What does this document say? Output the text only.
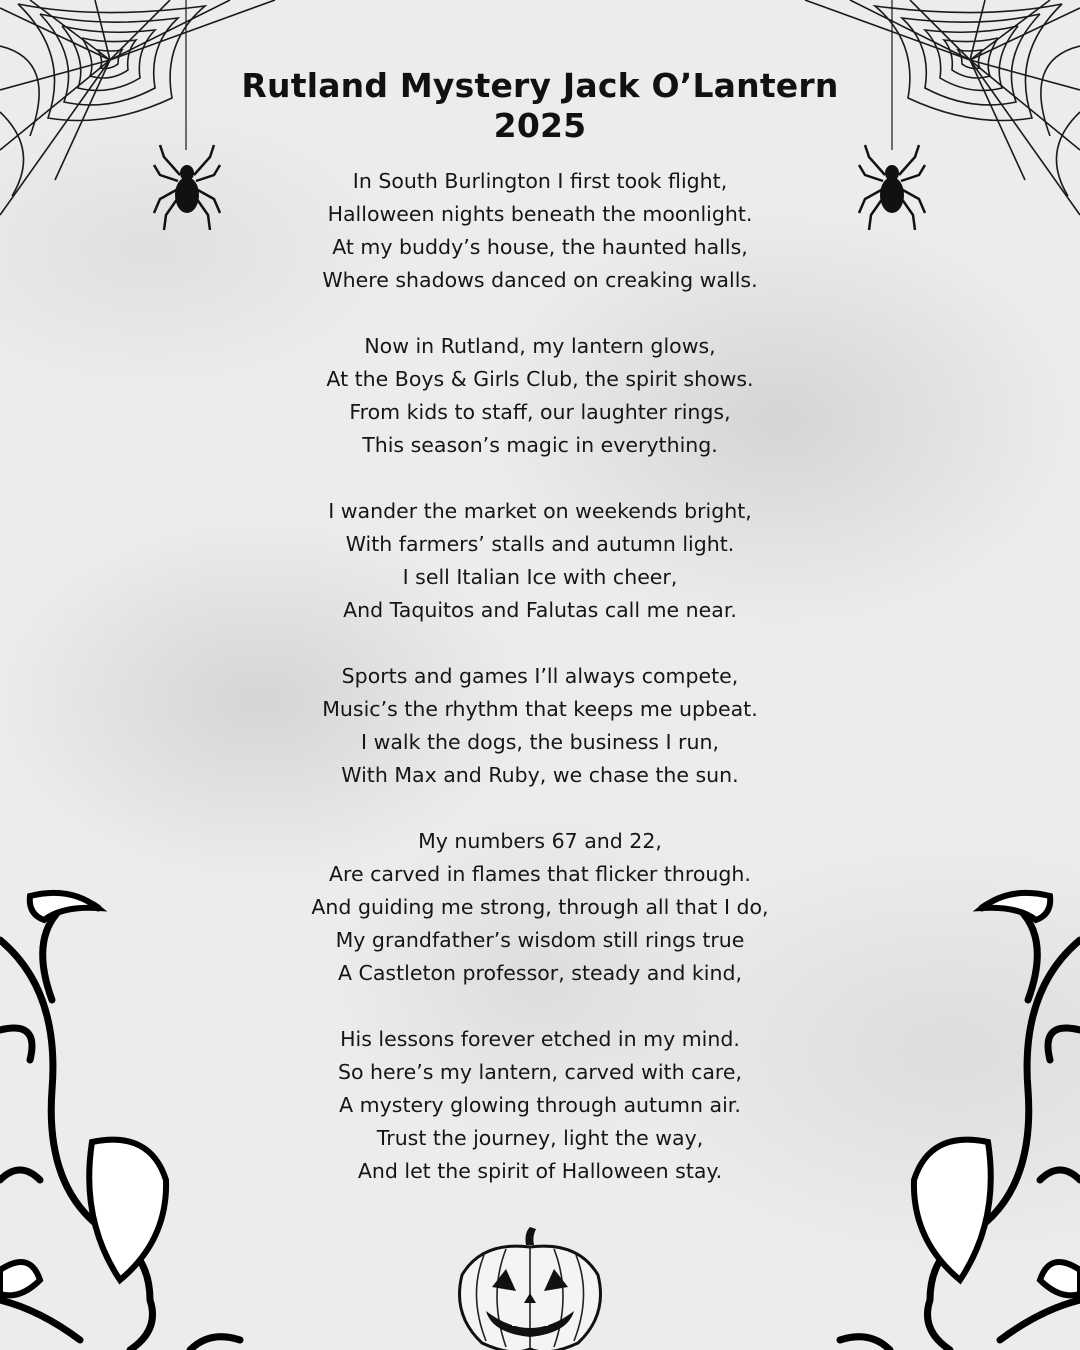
Rutland Mystery Jack O’Lantern
2025
In South Burlington I first took flight,
Halloween nights beneath the moonlight.
At my buddy’s house, the haunted halls,
Where shadows danced on creaking walls.
Now in Rutland, my lantern glows,
At the Boys & Girls Club, the spirit shows.
From kids to staff, our laughter rings,
This season’s magic in everything.
I wander the market on weekends bright,
With farmers’ stalls and autumn light.
I sell Italian Ice with cheer,
And Taquitos and Falutas call me near.
Sports and games I’ll always compete,
Music’s the rhythm that keeps me upbeat.
I walk the dogs, the business I run,
With Max and Ruby, we chase the sun.
My numbers 67 and 22,
Are carved in flames that flicker through.
And guiding me strong, through all that I do,
My grandfather’s wisdom still rings true
A Castleton professor, steady and kind,
His lessons forever etched in my mind.
So here’s my lantern, carved with care,
A mystery glowing through autumn air.
Trust the journey, light the way,
And let the spirit of Halloween stay.
